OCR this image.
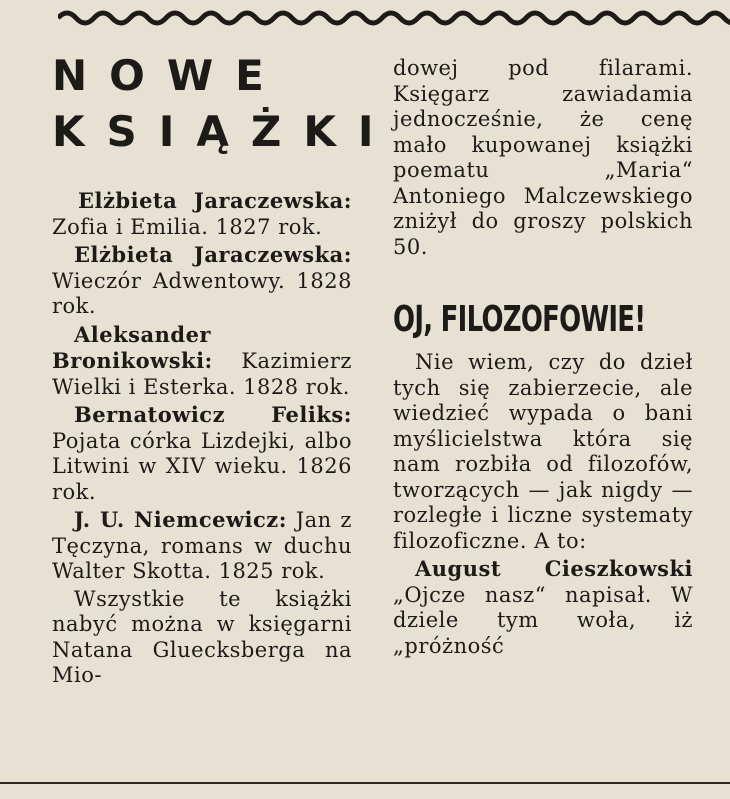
NOWE
KSIĄŻKI

Elżbieta Jaraczewska: Zofia i Emilia. 1827 rok.

Elżbieta Jaraczewska: Wieczór Adwentowy. 1828 rok.

Aleksander Bronikowski: Kazimierz Wielki i Esterka. 1828 rok.

Bernatowicz Feliks: Pojata córka Lizdejki, albo Litwini w XIV wieku. 1826 rok.

J. U. Niemcewicz: Jan z Tęczyna, romans w duchu Walter Skotta. 1825 rok.

Wszystkie te książki nabyć można w księgarni Natana Gluecksberga na Mio-

dowej pod filarami. Księgarz zawiadamia jednocześnie, że cenę mało kupowanej książki poematu „Maria“ Antoniego Malczewskiego zniżył do groszy polskich 50.

OJ, FILOZOFOWIE!

Nie wiem, czy do dzieł tych się zabierzecie, ale wiedzieć wypada o bani myślicielstwa która się nam rozbiła od filozofów, tworzących — jak nigdy — rozległe i liczne systematy filozoficzne. A to:

August Cieszkowski „Ojcze nasz“ napisał. W dziele tym woła, iż „próżność
